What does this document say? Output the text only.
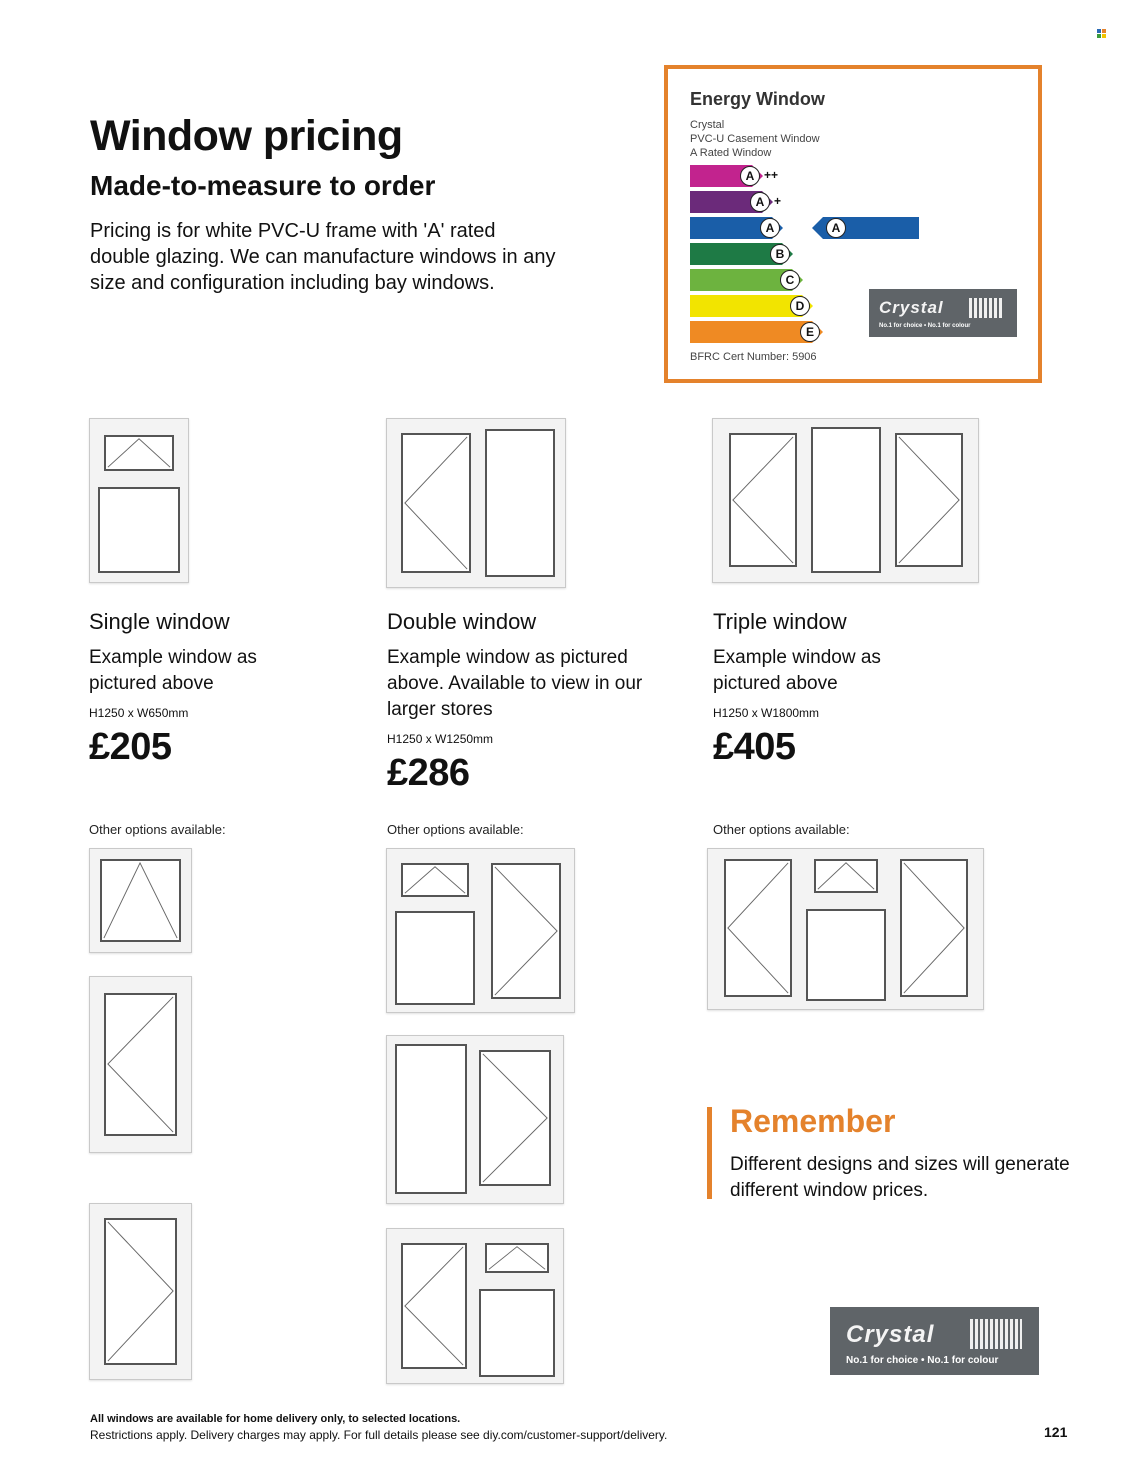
Window pricing
Made-to-measure to order

Pricing is for white PVC-U frame with 'A' rated double glazing. We can manufacture windows in any size and configuration including bay windows.

Energy Window
Crystal
PVC-U Casement Window
A Rated Window
A ++
A +
A
B
C
D
E
A
Crystal
No.1 for choice • No.1 for colour
BFRC Cert Number: 5906
Single window
Example window as pictured above
H1250 x W650mm
£205
Other options available:
Double window
Example window as pictured above. Available to view in our larger stores
H1250 x W1250mm
£286
Other options available:
Triple window
Example window as pictured above
H1250 x W1800mm
£405
Other options available:
Remember
Different designs and sizes will generate different window prices.
Crystal
No.1 for choice • No.1 for colour
All windows are available for home delivery only, to selected locations.
Restrictions apply. Delivery charges may apply. For full details please see diy.com/customer-support/delivery.	121
